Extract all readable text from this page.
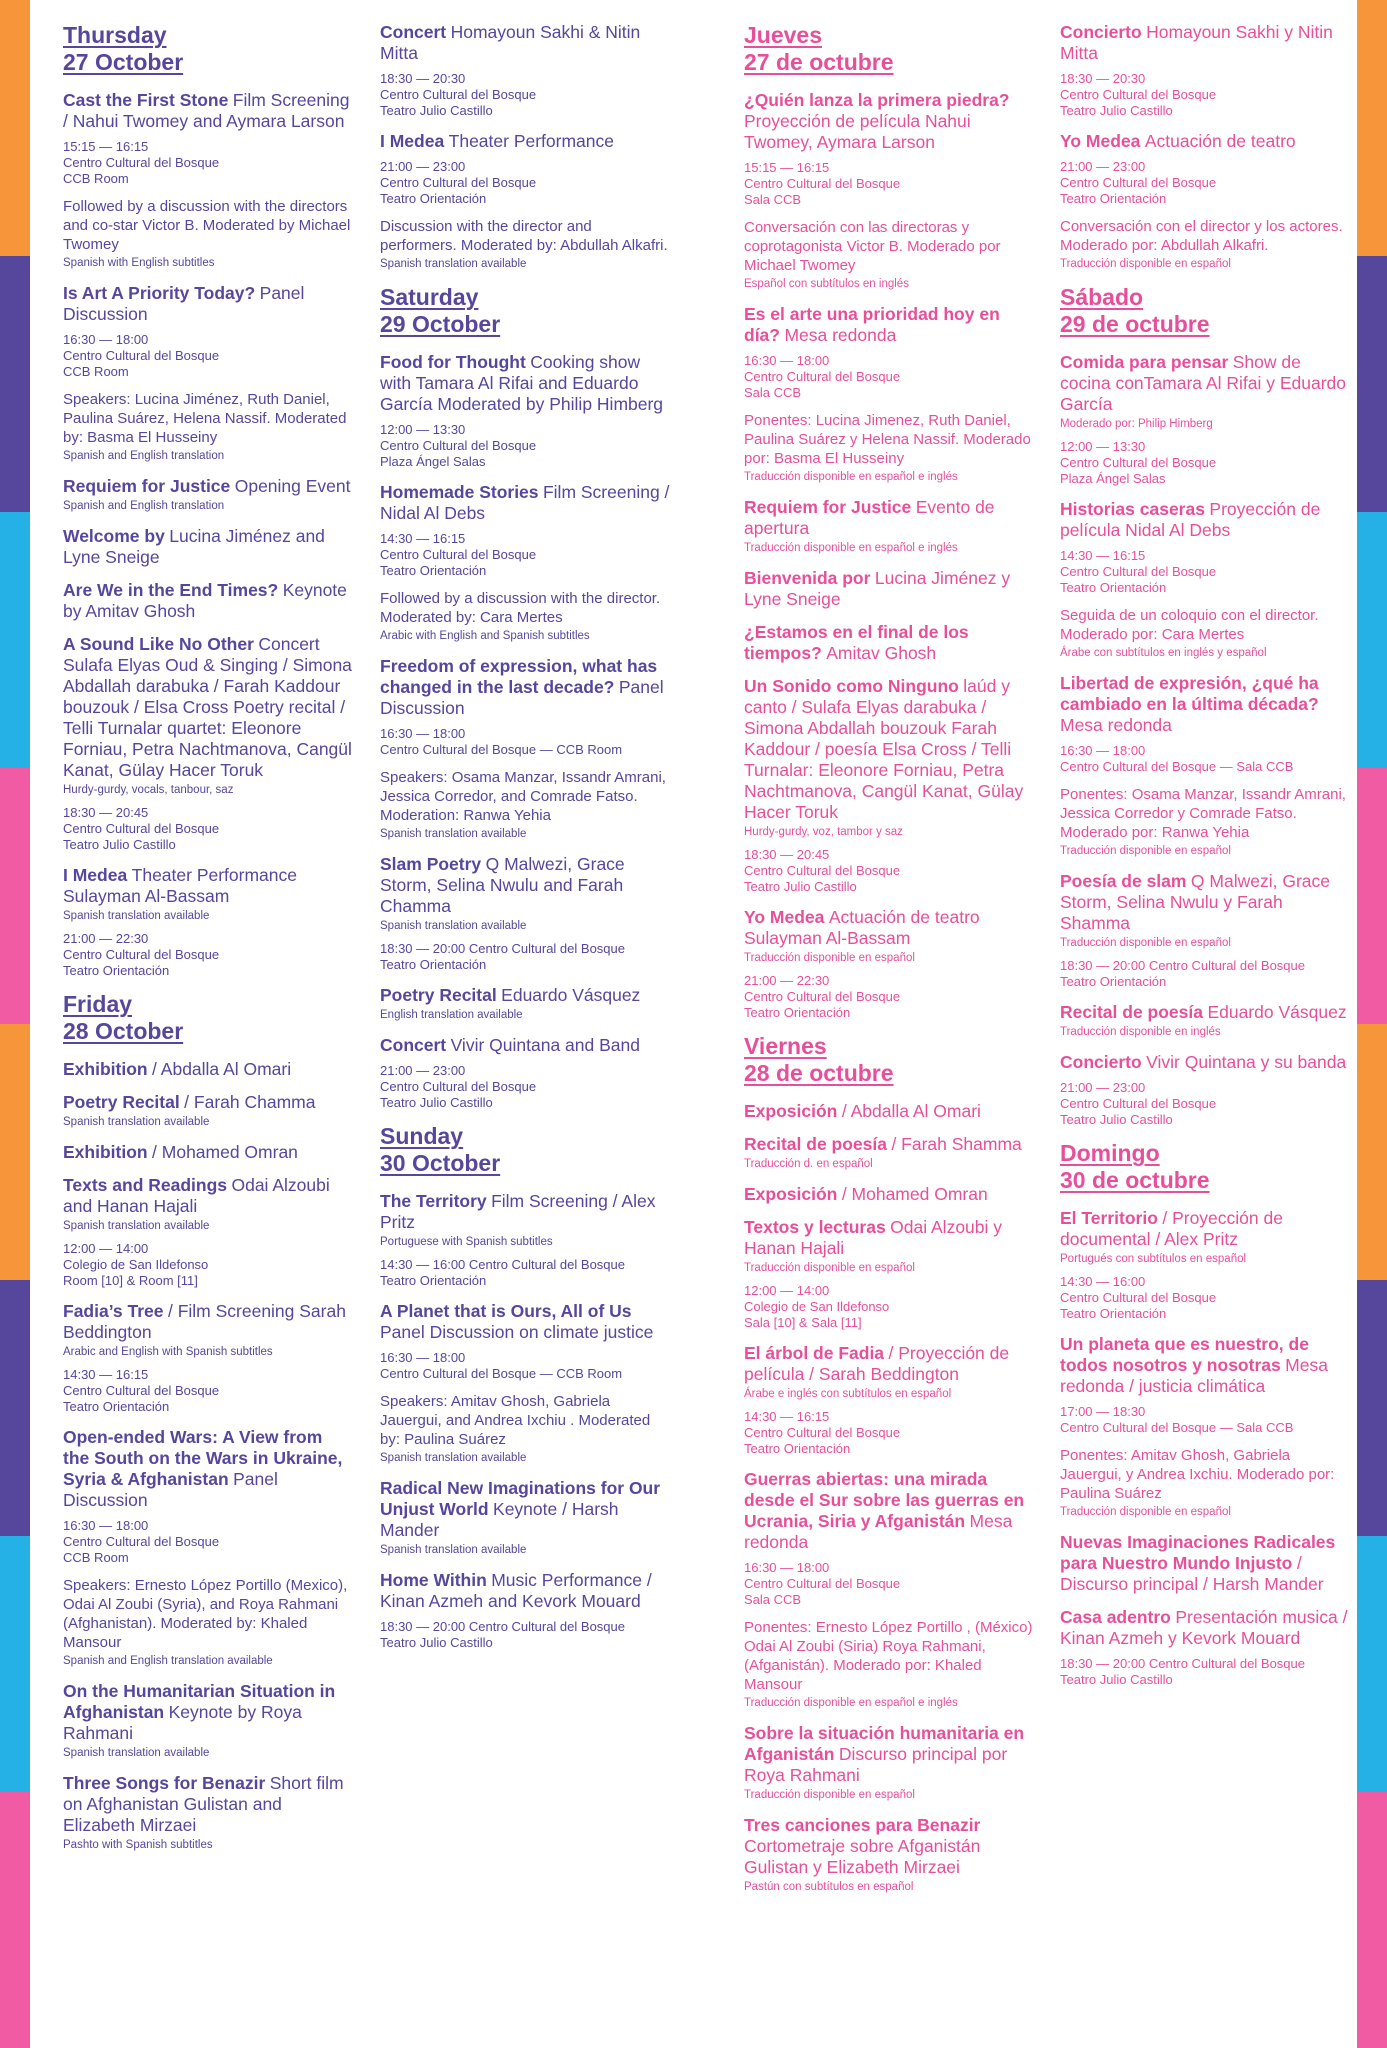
Thursday
27 October
Cast the First Stone Film Screening / Nahui Twomey and Aymara Larson
15:15 — 16:15
Centro Cultural del Bosque
CCB Room
Followed by a discussion with the directors and co-star Victor B. Moderated by Michael Twomey
Spanish with English subtitles
Is Art A Priority Today? Panel Discussion
16:30 — 18:00
Centro Cultural del Bosque
CCB Room
Speakers: Lucina Jiménez, Ruth Daniel, Paulina Suárez, Helena Nassif. Moderated by: Basma El Husseiny
Spanish and English translation
Requiem for Justice Opening Event
Spanish and English translation
Welcome by Lucina Jiménez and Lyne Sneige
Are We in the End Times? Keynote by Amitav Ghosh
A Sound Like No Other Concert Sulafa Elyas Oud & Singing / Simona Abdallah darabuka / Farah Kaddour bouzouk / Elsa Cross Poetry recital / Telli Turnalar quartet: Eleonore Forniau, Petra Nachtmanova, Cangül Kanat, Gülay Hacer Toruk
Hurdy-gurdy, vocals, tanbour, saz
18:30 — 20:45
Centro Cultural del Bosque
Teatro Julio Castillo
I Medea Theater Performance Sulayman Al-Bassam
Spanish translation available
21:00 — 22:30
Centro Cultural del Bosque
Teatro Orientación
Friday
28 October
Exhibition / Abdalla Al Omari
Poetry Recital / Farah Chamma
Spanish translation available
Exhibition / Mohamed Omran
Texts and Readings Odai Alzoubi and Hanan Hajali
Spanish translation available
12:00 — 14:00
Colegio de San Ildefonso
Room [10] & Room [11]
Fadia’s Tree / Film Screening Sarah Beddington
Arabic and English with Spanish subtitles
14:30 — 16:15
Centro Cultural del Bosque
Teatro Orientación
Open-ended Wars: A View from the South on the Wars in Ukraine, Syria & Afghanistan Panel Discussion
16:30 — 18:00
Centro Cultural del Bosque
CCB Room
Speakers: Ernesto López Portillo (Mexico), Odai Al Zoubi (Syria), and Roya Rahmani (Afghanistan). Moderated by: Khaled Mansour
Spanish and English translation available
On the Humanitarian Situation in Afghanistan Keynote by Roya Rahmani
Spanish translation available
Three Songs for Benazir Short film on Afghanistan Gulistan and Elizabeth Mirzaei
Pashto with Spanish subtitles
Concert Homayoun Sakhi & Nitin Mitta
18:30 — 20:30
Centro Cultural del Bosque
Teatro Julio Castillo
I Medea Theater Performance
21:00 — 23:00
Centro Cultural del Bosque
Teatro Orientación
Discussion with the director and performers. Moderated by: Abdullah Alkafri.
Spanish translation available
Saturday
29 October
Food for Thought Cooking show with Tamara Al Rifai and Eduardo García Moderated by Philip Himberg
12:00 — 13:30
Centro Cultural del Bosque
Plaza Ángel Salas
Homemade Stories Film Screening / Nidal Al Debs
14:30 — 16:15
Centro Cultural del Bosque
Teatro Orientación
Followed by a discussion with the director. Moderated by: Cara Mertes
Arabic with English and Spanish subtitles
Freedom of expression, what has changed in the last decade? Panel Discussion
16:30 — 18:00
Centro Cultural del Bosque — CCB Room
Speakers: Osama Manzar, Issandr Amrani, Jessica Corredor, and Comrade Fatso. Moderation: Ranwa Yehia
Spanish translation available
Slam Poetry Q Malwezi, Grace Storm, Selina Nwulu and Farah Chamma
Spanish translation available
18:30 — 20:00 Centro Cultural del Bosque
Teatro Orientación
Poetry Recital Eduardo Vásquez
English translation available
Concert Vivir Quintana and Band
21:00 — 23:00
Centro Cultural del Bosque
Teatro Julio Castillo
Sunday
30 October
The Territory Film Screening / Alex Pritz
Portuguese with Spanish subtitles
14:30 — 16:00 Centro Cultural del Bosque
Teatro Orientación
A Planet that is Ours, All of Us Panel Discussion on climate justice
16:30 — 18:00
Centro Cultural del Bosque — CCB Room
Speakers: Amitav Ghosh, Gabriela Jauergui, and Andrea Ixchiu . Moderated by: Paulina Suárez
Spanish translation available
Radical New Imaginations for Our Unjust World Keynote / Harsh Mander
Spanish translation available
Home Within Music Performance / Kinan Azmeh and Kevork Mouard
18:30 — 20:00 Centro Cultural del Bosque
Teatro Julio Castillo
Jueves
27 de octubre
¿Quién lanza la primera piedra? Proyección de película Nahui Twomey, Aymara Larson
15:15 — 16:15
Centro Cultural del Bosque
Sala CCB
Conversación con las directoras y coprotagonista Victor B. Moderado por Michael Twomey
Español con subtítulos en inglés
Es el arte una prioridad hoy en día? Mesa redonda
16:30 — 18:00
Centro Cultural del Bosque
Sala CCB
Ponentes: Lucina Jimenez, Ruth Daniel, Paulina Suárez y Helena Nassif. Moderado por: Basma El Husseiny
Traducción disponible en español e inglés
Requiem for Justice Evento de apertura
Traducción disponible en español e inglés
Bienvenida por Lucina Jiménez y Lyne Sneige
¿Estamos en el final de los tiempos? Amitav Ghosh
Un Sonido como Ninguno laúd y canto / Sulafa Elyas darabuka / Simona Abdallah bouzouk Farah Kaddour / poesía Elsa Cross / Telli Turnalar: Eleonore Forniau, Petra Nachtmanova, Cangül Kanat, Gülay Hacer Toruk
Hurdy-gurdy, voz, tambor y saz
18:30 — 20:45
Centro Cultural del Bosque
Teatro Julio Castillo
Yo Medea Actuación de teatro Sulayman Al-Bassam
Traducción disponible en español
21:00 — 22:30
Centro Cultural del Bosque
Teatro Orientación
Viernes
28 de octubre
Exposición / Abdalla Al Omari
Recital de poesía / Farah Shamma
Traducción d. en español
Exposición / Mohamed Omran
Textos y lecturas Odai Alzoubi y Hanan Hajali
Traducción disponible en español
12:00 — 14:00
Colegio de San Ildefonso
Sala [10] & Sala [11]
El árbol de Fadia / Proyección de película / Sarah Beddington
Árabe e inglés con subtítulos en español
14:30 — 16:15
Centro Cultural del Bosque
Teatro Orientación
Guerras abiertas: una mirada desde el Sur sobre las guerras en Ucrania, Siria y Afganistán Mesa redonda
16:30 — 18:00
Centro Cultural del Bosque
Sala CCB
Ponentes: Ernesto López Portillo , (México) Odai Al Zoubi (Siria) Roya Rahmani, (Afganistán). Moderado por: Khaled Mansour
Traducción disponible en español e inglés
Sobre la situación humanitaria en Afganistán Discurso principal por Roya Rahmani
Traducción disponible en español
Tres canciones para Benazir Cortometraje sobre Afganistán Gulistan y Elizabeth Mirzaei
Pastún con subtítulos en español
Concierto Homayoun Sakhi y Nitin Mitta
18:30 — 20:30
Centro Cultural del Bosque
Teatro Julio Castillo
Yo Medea Actuación de teatro
21:00 — 23:00
Centro Cultural del Bosque
Teatro Orientación
Conversación con el director y los actores. Moderado por: Abdullah Alkafri.
Traducción disponible en español
Sábado
29 de octubre
Comida para pensar Show de cocina conTamara Al Rifai y Eduardo García
Moderado por: Philip Himberg
12:00 — 13:30
Centro Cultural del Bosque
Plaza Ángel Salas
Historias caseras Proyección de película Nidal Al Debs
14:30 — 16:15
Centro Cultural del Bosque
Teatro Orientación
Seguida de un coloquio con el director. Moderado por: Cara Mertes
Árabe con subtítulos en inglés y español
Libertad de expresión, ¿qué ha cambiado en la última década? Mesa redonda
16:30 — 18:00
Centro Cultural del Bosque — Sala CCB
Ponentes: Osama Manzar, Issandr Amrani, Jessica Corredor y Comrade Fatso. Moderado por: Ranwa Yehia
Traducción disponible en español
Poesía de slam Q Malwezi, Grace Storm, Selina Nwulu y Farah Shamma
Traducción disponible en español
18:30 — 20:00 Centro Cultural del Bosque
Teatro Orientación
Recital de poesía Eduardo Vásquez
Traducción disponible en inglés
Concierto Vivir Quintana y su banda
21:00 — 23:00
Centro Cultural del Bosque
Teatro Julio Castillo
Domingo
30 de octubre
El Territorio / Proyección de documental / Alex Pritz
Portugués con subtítulos en español
14:30 — 16:00
Centro Cultural del Bosque
Teatro Orientación
Un planeta que es nuestro, de todos nosotros y nosotras Mesa redonda / justicia climática
17:00 — 18:30
Centro Cultural del Bosque — Sala CCB
Ponentes: Amitav Ghosh, Gabriela Jauergui, y Andrea Ixchiu. Moderado por: Paulina Suárez
Traducción disponible en español
Nuevas Imaginaciones Radicales para Nuestro Mundo Injusto / Discurso principal / Harsh Mander
Casa adentro Presentación musica / Kinan Azmeh y Kevork Mouard
18:30 — 20:00 Centro Cultural del Bosque
Teatro Julio Castillo
